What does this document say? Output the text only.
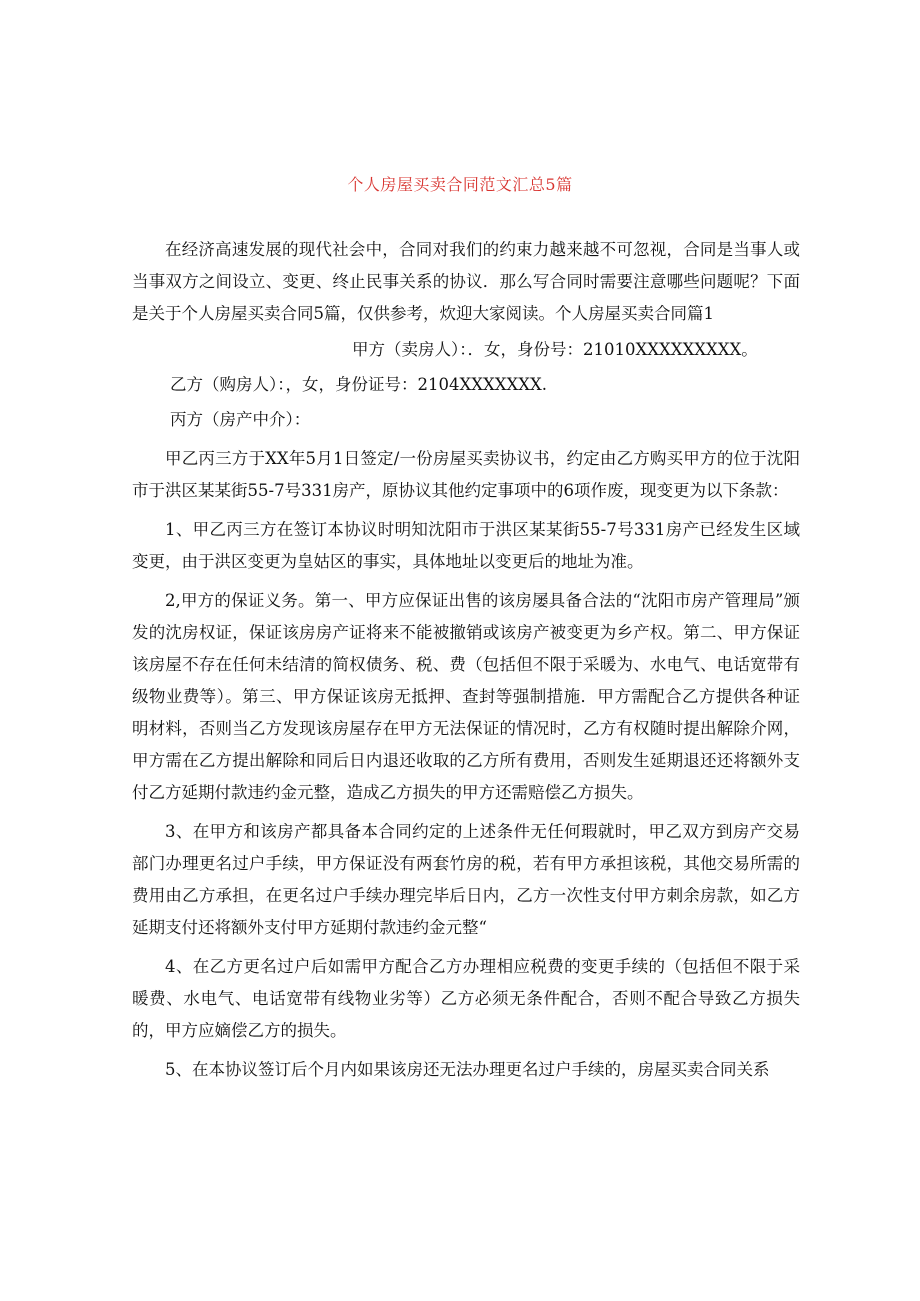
个人房屋买卖合同范文汇总5篇

在经济高速发展的现代社会中，合同对我们的约束力越来越不可忽视，合同是当事人或当事双方之间设立、变更、终止民事关系的协议．那么写合同时需要注意哪些问题呢？下面是关于个人房屋买卖合同5篇，仅供参考，炊迎大家阅读。个人房屋买卖合同篇1

甲方（卖房人）：．女，身份号：21010XXXXXXXXX。

乙方（购房人）：，女，身份证号：2104XXXXXXX.

丙方（房产中介）：

甲乙丙三方于XX年5月1日签定/一份房屋买卖协议书，约定由乙方购买甲方的位于沈阳市于洪区某某街55-7号331房产，原协议其他约定事项中的6项作废，现变更为以下条款：

1、甲乙丙三方在签订本协议时明知沈阳市于洪区某某街55-7号331房产已经发生区域变更，由于洪区变更为皇姑区的事实，具体地址以变更后的地址为准。

2,甲方的保证义务。第一、甲方应保证出售的该房屡具备合法的“沈阳市房产管理局”颁发的沈房权证，保证该房房产证将来不能被撤销或该房产被变更为乡产权。第二、甲方保证该房屋不存在任何未结清的简权债务、税、费（包括但不限于采暖为、水电气、电话宽带有级物业费等）。第三、甲方保证该房无抵押、查封等强制措施．甲方需配合乙方提供各种证明材料，否则当乙方发现该房屋存在甲方无法保证的情况时，乙方有权随时提出解除介网，甲方需在乙方提出解除和同后日内退还收取的乙方所有费用，否则发生延期退还还将额外支付乙方延期付款违约金元整，造成乙方损失的甲方还需赔偿乙方损失。

3、在甲方和该房产都具备本合同约定的上述条件无任何瑕就时，甲乙双方到房产交易部门办理更名过户手续，甲方保证没有两套竹房的税，若有甲方承担该税，其他交易所需的费用由乙方承担，在更名过户手续办理完毕后日内，乙方一次性支付甲方刺余房款，如乙方延期支付还将额外支付甲方延期付款违约金元整“

4、在乙方更名过户后如需甲方配合乙方办理相应税费的变更手续的（包括但不限于采暖费、水电气、电话宽带有线物业劣等）乙方必须无条件配合，否则不配合导致乙方损失的，甲方应嫡偿乙方的损失。

5、在本协议签订后个月内如果该房还无法办理更名过户手续的，房屋买卖合同关系
